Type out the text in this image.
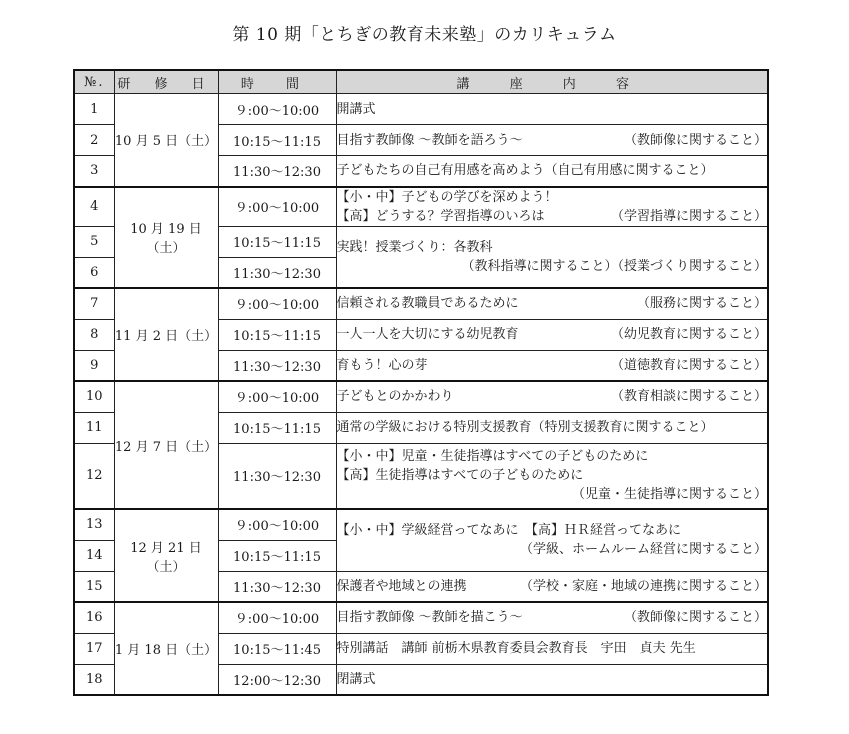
第 10 期「とちぎの教育未来塾」のカリキュラム
№.	研 修 日	時 間	講 座 内 容
1	10 月 5 日（土）	９:00〜10:00	開講式

2		10:15〜11:15	目指す教師像 〜教師を語ろう〜 （教師像に関すること）

3		11:30〜12:30	子どもたちの自己有用感を高めよう（自己有用感に関すること）

4	10 月 19 日（土）	９:00〜10:00	【小・中】子どもの学びを深めよう！
【高】どうする？学習指導のいろは （学習指導に関すること）

5		10:15〜11:15	実践！授業づくり：各教科
（教科指導に関すること）（授業づくり関すること）

6		11:30〜12:30	
7	11 月 2 日（土）	９:00〜10:00	信頼される教職員であるために （服務に関すること）

8		10:15〜11:15	一人一人を大切にする幼児教育 （幼児教育に関すること）

9		11:30〜12:30	育もう！心の芽 （道徳教育に関すること）

10	12 月 7 日（土）	９:00〜10:00	子どもとのかかわり （教育相談に関すること）

11		10:15〜11:15	通常の学級における特別支援教育（特別支援教育に関すること）

12		11:30〜12:30	【小・中】児童・生徒指導はすべての子どものために
【高】生徒指導はすべての子どものために
（児童・生徒指導に関すること）

13	12 月 21 日（土）	９:00〜10:00	【小・中】学級経営ってなあに　【高】ＨＲ経営ってなあに
（学級、ホームルーム経営に関すること）

14		10:15〜11:15	
15		11:30〜12:30	保護者や地域との連携 （学校・家庭・地域の連携に関すること）

16	1 月 18 日（土）	９:00〜10:00	目指す教師像 〜教師を描こう〜 （教師像に関すること）

17		10:15〜11:45	特別講話　講師 前栃木県教育委員会教育長　宇田　貞夫 先生

18		12:00〜12:30	閉講式
